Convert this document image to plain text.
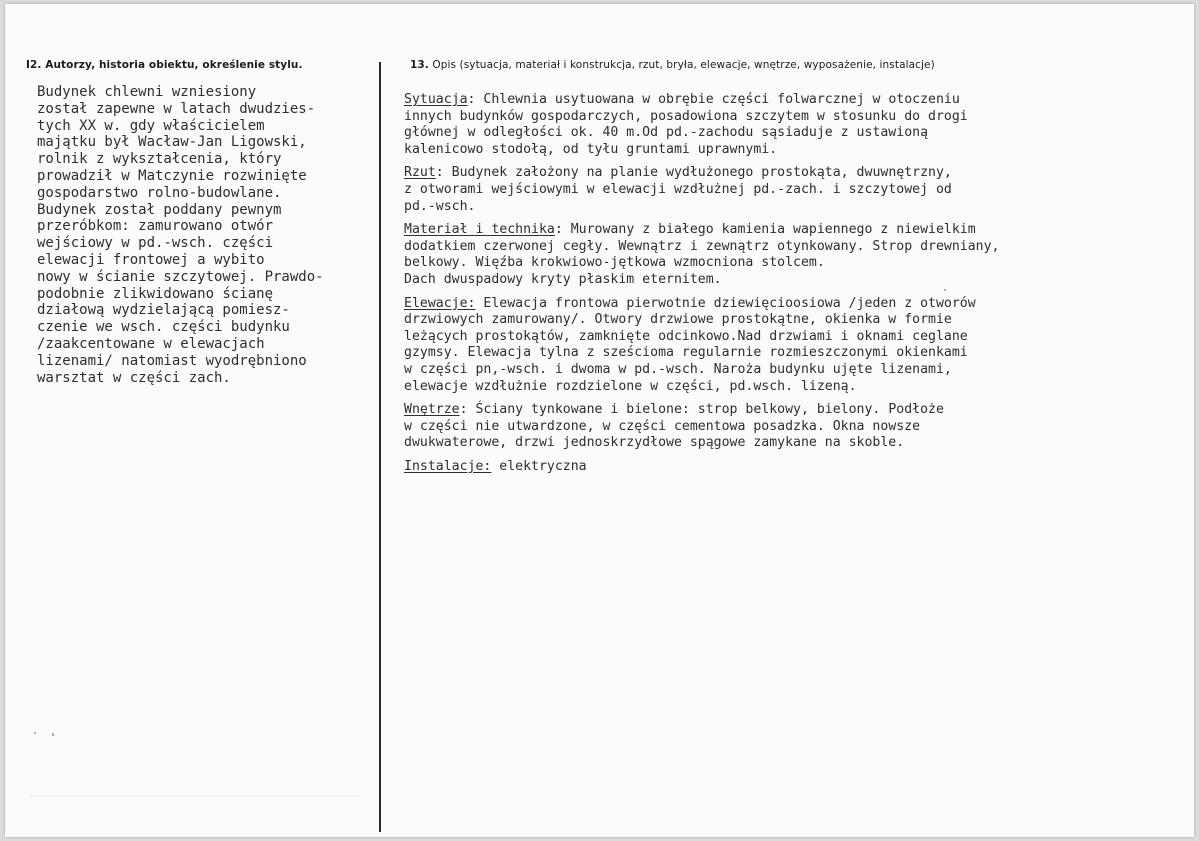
I2. Autorzy, historia obiektu, określenie stylu.	13. Opis (sytuacja, materiał i konstrukcja, rzut, bryła, elewacje, wnętrze, wyposażenie, instalacje)
Budynek chlewni wzniesiony
został zapewne w latach dwudzies-
tych XX w. gdy właścicielem
majątku był Wacław-Jan Ligowski,
rolnik z wykształcenia, który
prowadził w Matczynie rozwinięte
gospodarstwo rolno-budowlane.
Budynek został poddany pewnym
przeróbkom: zamurowano otwór
wejściowy w pd.-wsch. części
elewacji frontowej a wybito
nowy w ścianie szczytowej. Prawdo-
podobnie zlikwidowano ścianę
działową wydzielającą pomiesz-
czenie we wsch. części budynku
/zaakcentowane w elewacjach
lizenami/ natomiast wyodrębniono
warsztat w części zach.
Sytuacja: Chlewnia usytuowana w obrębie części folwarcznej w otoczeniu
innych budynków gospodarczych, posadowiona szczytem w stosunku do drogi
głównej w odległości ok. 40 m.Od pd.-zachodu sąsiaduje z ustawioną
kalenicowo stodołą, od tyłu gruntami uprawnymi.
Rzut: Budynek założony na planie wydłużonego prostokąta, dwuwnętrzny,
z otworami wejściowymi w elewacji wzdłużnej pd.-zach. i szczytowej od
pd.-wsch.
Materiał i technika: Murowany z białego kamienia wapiennego z niewielkim
dodatkiem czerwonej cegły. Wewnątrz i zewnątrz otynkowany. Strop drewniany,
belkowy. Więźba krokwiowo-jętkowa wzmocniona stolcem.
Dach dwuspadowy kryty płaskim eternitem.
Elewacje: Elewacja frontowa pierwotnie dziewięcioosiowa /jeden z otworów
drzwiowych zamurowany/. Otwory drzwiowe prostokątne, okienka w formie
leżących prostokątów, zamknięte odcinkowo.Nad drzwiami i oknami ceglane
gzymsy. Elewacja tylna z sześcioma regularnie rozmieszczonymi okienkami
w części pn,-wsch. i dwoma w pd.-wsch. Naroża budynku ujęte lizenami,
elewacje wzdłużnie rozdzielone w części, pd.wsch. lizeną.
Wnętrze: Ściany tynkowane i bielone: strop belkowy, bielony. Podłoże
w części nie utwardzone, w części cementowa posadzka. Okna nowsze
dwukwaterowe, drzwi jednoskrzydłowe spągowe zamykane na skoble.
Instalacje: elektryczna
